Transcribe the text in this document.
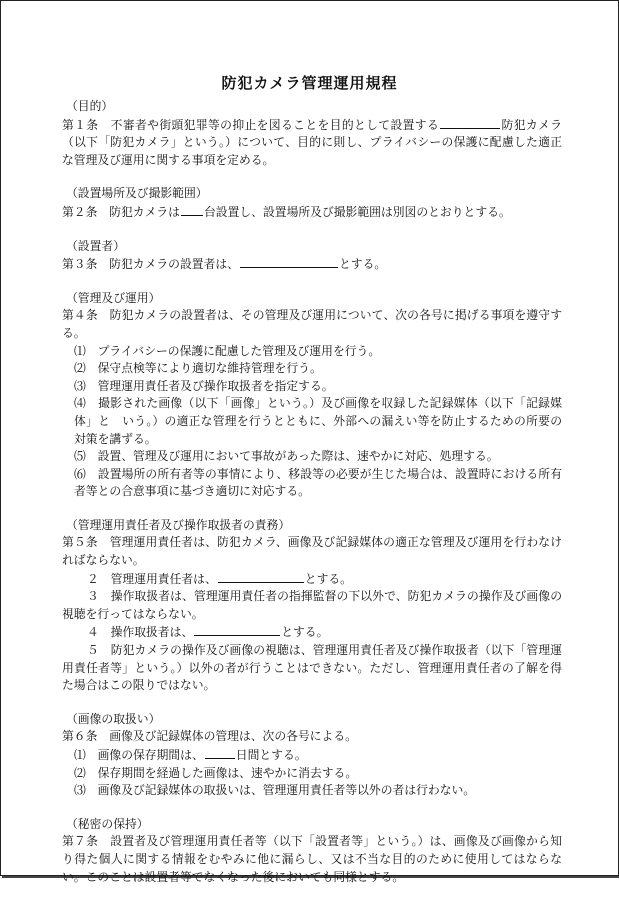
防犯カメラ管理運用規程
（目的）
第１条　不審者や街頭犯罪等の抑止を図ることを目的として設置する	防犯カメラ（以下「防犯カメラ」という。）について、目的に則し、プライバシーの保護に配慮した適正な管理及び運用に関する事項を定める。
（設置場所及び撮影範囲）
第２条　防犯カメラは 台設置し、設置場所及び撮影範囲は別図のとおりとする。
（設置者）
第３条　防犯カメラの設置者は、	とする。
（管理及び運用）
第４条　防犯カメラの設置者は、その管理及び運用について、次の各号に掲げる事項を遵守する。
⑴　プライバシーの保護に配慮した管理及び運用を行う。
⑵　保守点検等により適切な維持管理を行う。
⑶　管理運用責任者及び操作取扱者を指定する。
⑷　撮影された画像（以下「画像」という。）及び画像を収録した記録媒体（以下「記録媒体」と　いう。）の適正な管理を行うとともに、外部への漏えい等を防止するための所要の対策を講ずる。
⑸　設置、管理及び運用において事故があった際は、速やかに対応、処理する。
⑹　設置場所の所有者等の事情により、移設等の必要が生じた場合は、設置時における所有者等との合意事項に基づき適切に対応する。
（管理運用責任者及び操作取扱者の責務）
第５条　管理運用責任者は、防犯カメラ、画像及び記録媒体の適正な管理及び運用を行わなければならない。
２　管理運用責任者は、	とする。
３　操作取扱者は、管理運用責任者の指揮監督の下以外で、防犯カメラの操作及び画像の視聴を行ってはならない。
４　操作取扱者は、	とする。
５　防犯カメラの操作及び画像の視聴は、管理運用責任者及び操作取扱者（以下「管理運用責任者等」という。）以外の者が行うことはできない。ただし、管理運用責任者の了解を得た場合はこの限りではない。
（画像の取扱い）
第６条　画像及び記録媒体の管理は、次の各号による。
⑴　画像の保存期間は、	日間とする。
⑵　保存期間を経過した画像は、速やかに消去する。
⑶　画像及び記録媒体の取扱いは、管理運用責任者等以外の者は行わない。
（秘密の保持）
第７条　設置者及び管理運用責任者等（以下「設置者等」という。）は、画像及び画像から知り得た個人に関する情報をむやみに他に漏らし、又は不当な目的のために使用してはならない。このことは設置者等でなくなった後においても同様とする。
